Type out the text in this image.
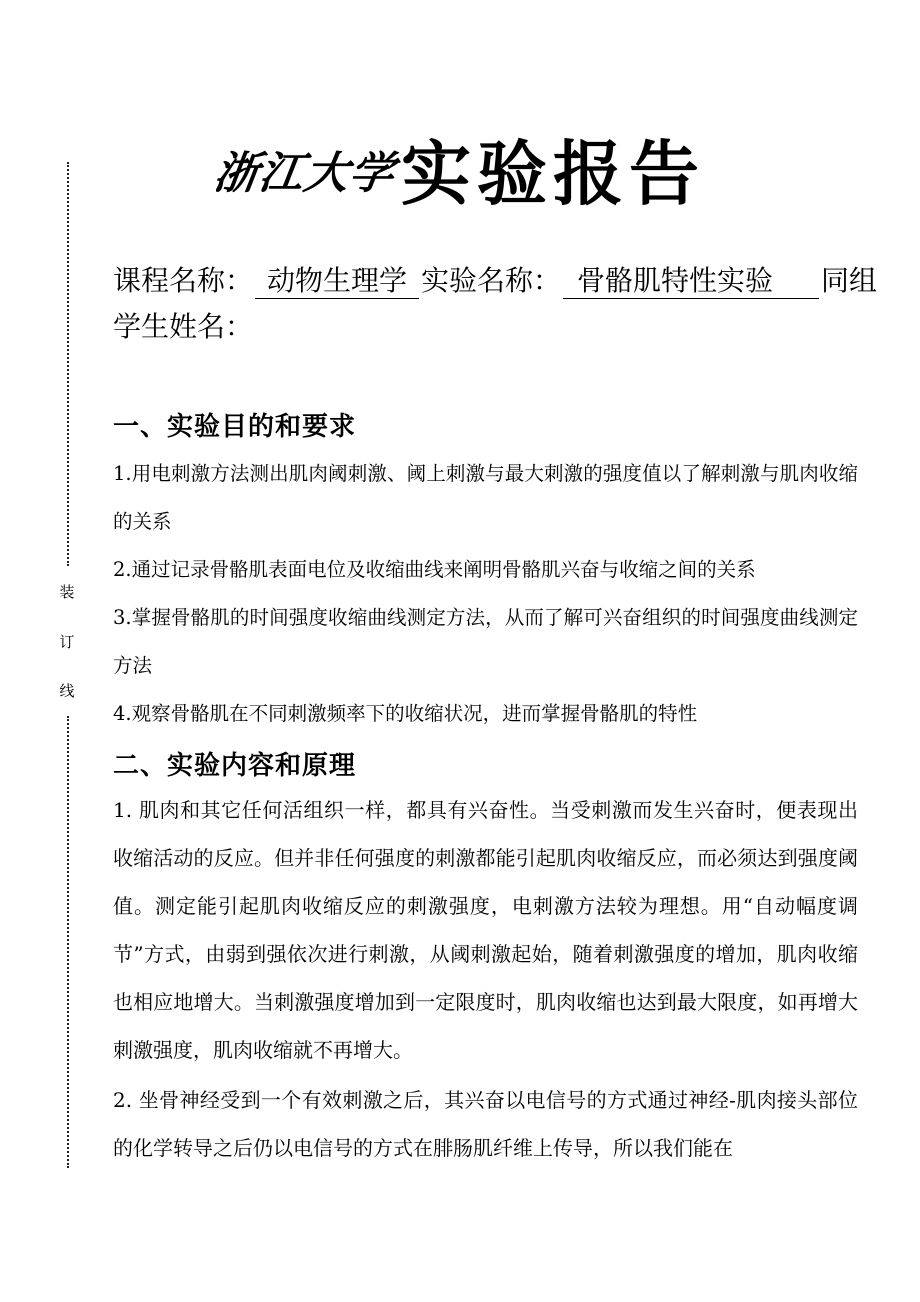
装
订
线
浙江大学实验报告
课程名称： 动物生理学 实验名称： 骨骼肌特性实验 同组
学生姓名：
一、实验目的和要求
1.用电刺激方法测出肌肉阈刺激、阈上刺激与最大刺激的强度值以了解刺激与肌肉收缩的关系
2.通过记录骨骼肌表面电位及收缩曲线来阐明骨骼肌兴奋与收缩之间的关系
3.掌握骨骼肌的时间强度收缩曲线测定方法，从而了解可兴奋组织的时间强度曲线测定方法
4.观察骨骼肌在不同刺激频率下的收缩状况，进而掌握骨骼肌的特性
二、实验内容和原理
1. 肌肉和其它任何活组织一样，都具有兴奋性。当受刺激而发生兴奋时，便表现出收缩活动的反应。但并非任何强度的刺激都能引起肌肉收缩反应，而必须达到强度阈值。测定能引起肌肉收缩反应的刺激强度，电刺激方法较为理想。用“自动幅度调节”方式，由弱到强依次进行刺激，从阈刺激起始，随着刺激强度的增加，肌肉收缩也相应地增大。当刺激强度增加到一定限度时，肌肉收缩也达到最大限度，如再增大刺激强度，肌肉收缩就不再增大。
2. 坐骨神经受到一个有效刺激之后，其兴奋以电信号的方式通过神经-肌肉接头部位的化学转导之后仍以电信号的方式在腓肠肌纤维上传导，所以我们能在
